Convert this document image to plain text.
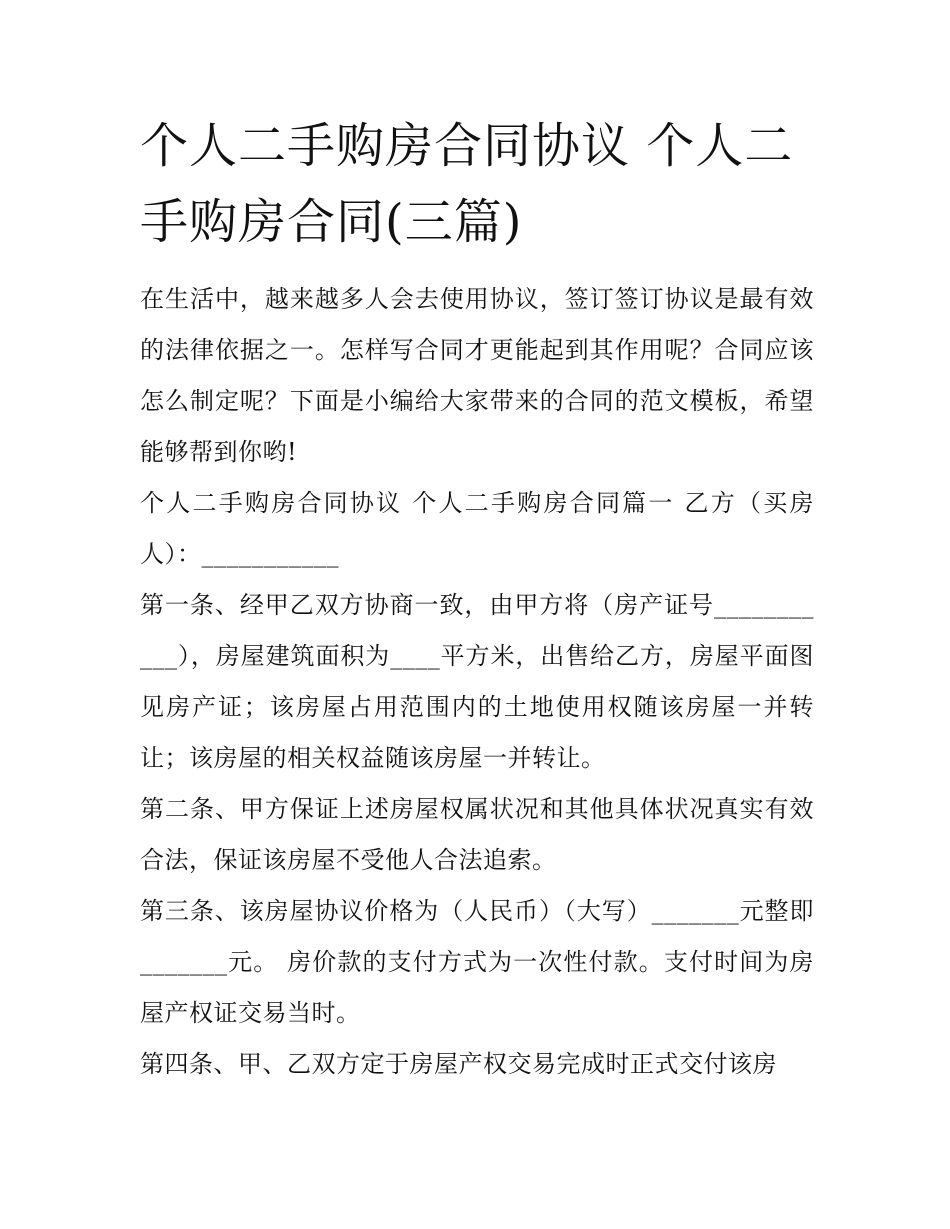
个人二手购房合同协议 个人二手购房合同(三篇)

在生活中，越来越多人会去使用协议，签订签订协议是最有效的法律依据之一。怎样写合同才更能起到其作用呢？合同应该怎么制定呢？下面是小编给大家带来的合同的范文模板，希望能够帮到你哟!

个人二手购房合同协议 个人二手购房合同篇一 乙方（买房人）：___________

第一条、经甲乙双方协商一致，由甲方将（房产证号___________），房屋建筑面积为____平方米，出售给乙方，房屋平面图见房产证；该房屋占用范围内的土地使用权随该房屋一并转让；该房屋的相关权益随该房屋一并转让。

第二条、甲方保证上述房屋权属状况和其他具体状况真实有效合法，保证该房屋不受他人合法追索。

第三条、该房屋协议价格为（人民币）（大写）_______元整即_______元。 房价款的支付方式为一次性付款。支付时间为房屋产权证交易当时。

第四条、甲、乙双方定于房屋产权交易完成时正式交付该房
